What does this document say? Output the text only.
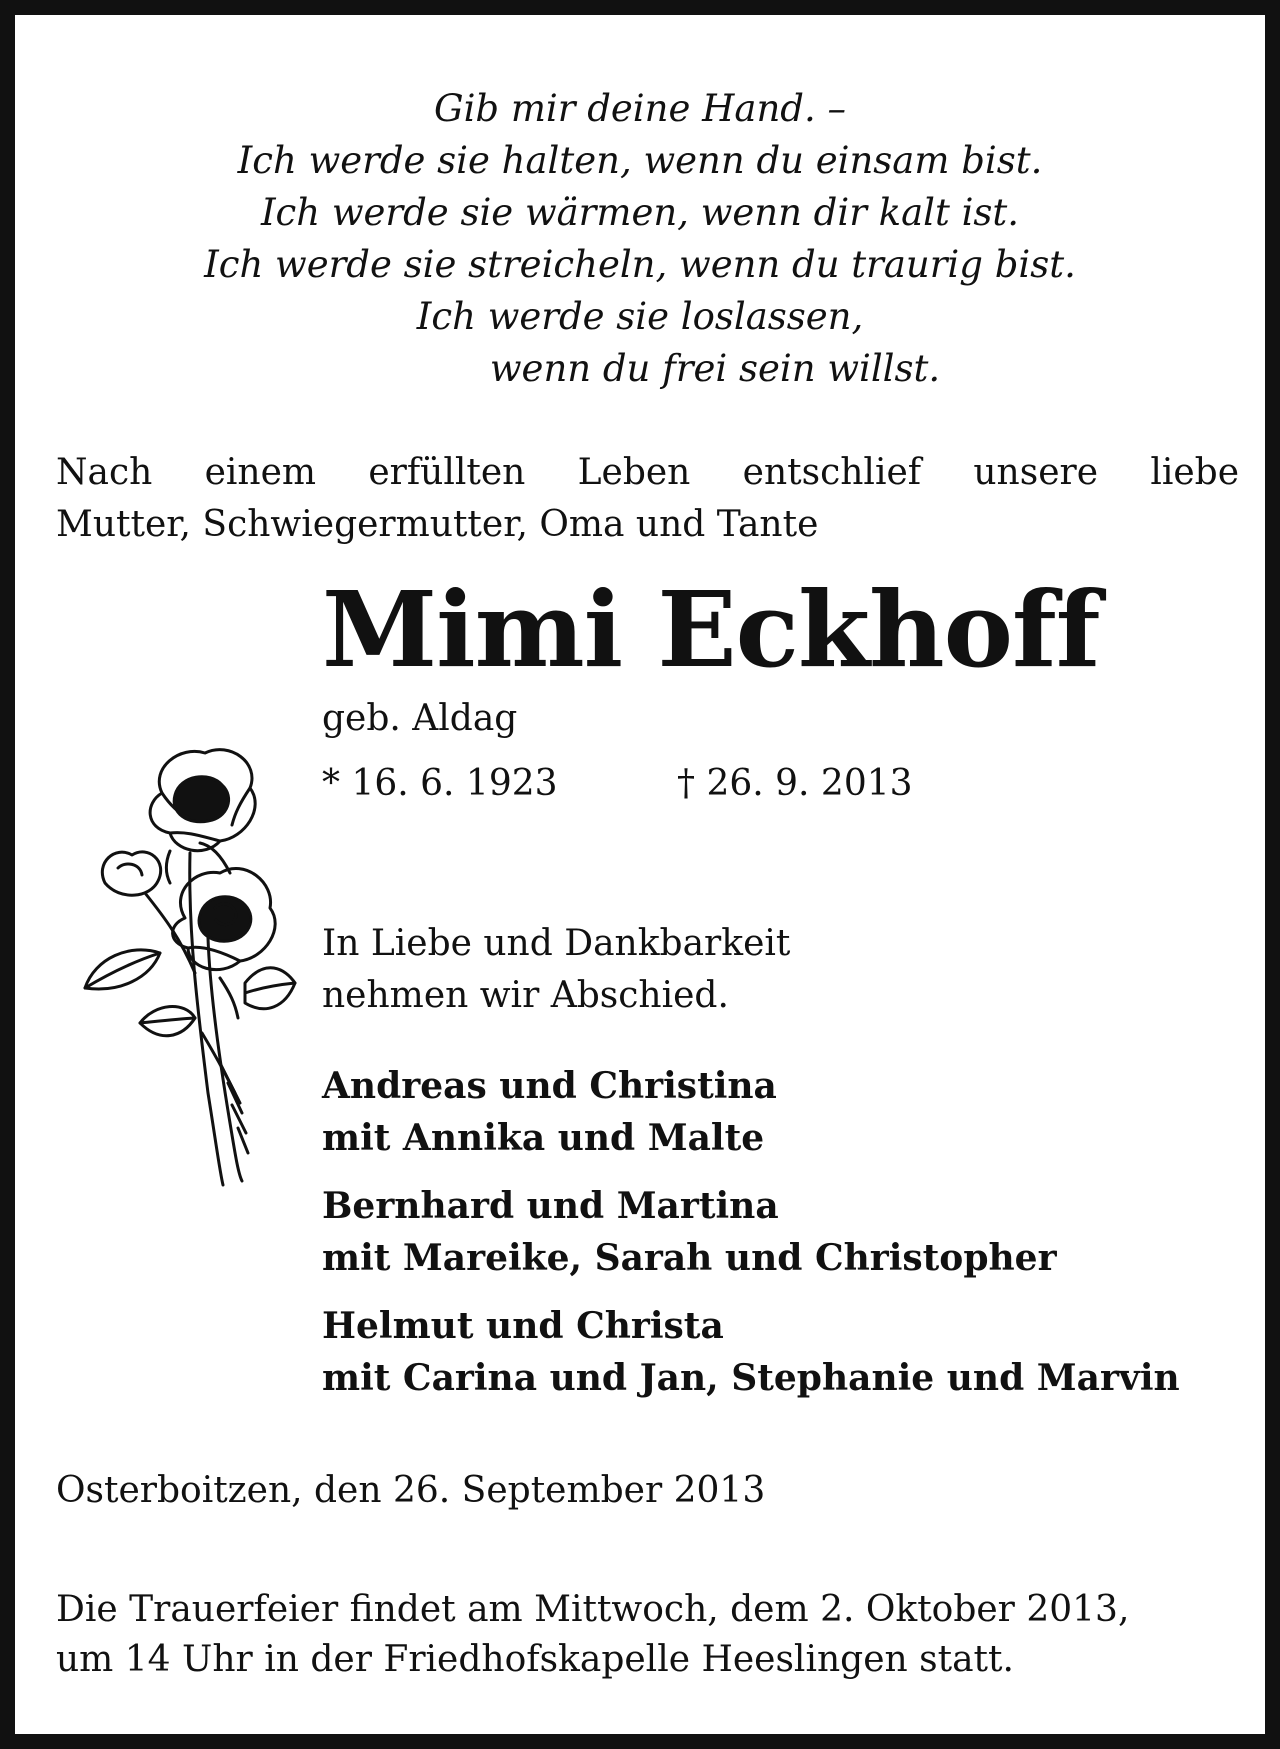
Gib mir deine Hand. –
Ich werde sie halten, wenn du einsam bist.
Ich werde sie wärmen, wenn dir kalt ist.
Ich werde sie streicheln, wenn du traurig bist.
Ich werde sie loslassen,
wenn du frei sein willst.
Nach einem erfüllten Leben entschlief unsere liebe
Mutter, Schwiegermutter, Oma und Tante
Mimi Eckhoff
geb. Aldag
* 16. 6. 1923	† 26. 9. 2013
In Liebe und Dankbarkeit
nehmen wir Abschied.
Andreas und Christina
mit Annika und Malte
Bernhard und Martina
mit Mareike, Sarah und Christopher
Helmut und Christa
mit Carina und Jan, Stephanie und Marvin
Osterboitzen, den 26. September 2013
Die Trauerfeier findet am Mittwoch, dem 2. Oktober 2013,
um 14 Uhr in der Friedhofskapelle Heeslingen statt.
